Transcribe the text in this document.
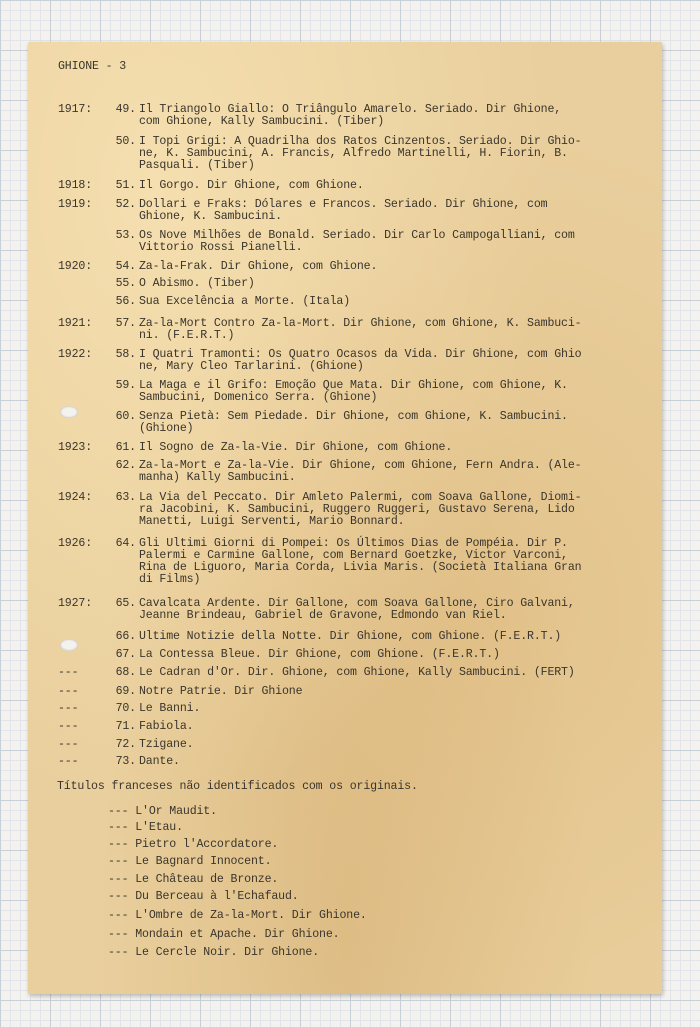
GHIONE - 3
1917:	49. Il Triangolo Giallo: O Triângulo Amarelo. Seriado. Dir Ghione,
com Ghione, Kally Sambucini. (Tiber)
50. I Topi Grigi: A Quadrilha dos Ratos Cinzentos. Seriado. Dir Ghio-
ne, K. Sambucini, A. Francis, Alfredo Martinelli, H. Fiorin, B.
Pasquali. (Tiber)
1918:	51. Il Gorgo. Dir Ghione, com Ghione.
1919:	52. Dollari e Fraks: Dólares e Francos. Seriado. Dir Ghione, com
Ghione, K. Sambucini.
53. Os Nove Milhões de Bonald. Seriado. Dir Carlo Campogalliani, com
Vittorio Rossi Pianelli.
1920:	54. Za-la-Frak. Dir Ghione, com Ghione.
55. O Abismo. (Tiber)
56. Sua Excelência a Morte. (Itala)
1921:	57. Za-la-Mort Contro Za-la-Mort. Dir Ghione, com Ghione, K. Sambuci-
ni. (F.E.R.T.)
1922:	58. I Quatri Tramonti: Os Quatro Ocasos da Vida. Dir Ghione, com Ghio
ne, Mary Cleo Tarlarini. (Ghione)
59. La Maga e il Grifo: Emoção Que Mata. Dir Ghione, com Ghione, K.
Sambucini, Domenico Serra. (Ghione)
60. Senza Pietà: Sem Piedade. Dir Ghione, com Ghione, K. Sambucini.
(Ghione)
1923:	61. Il Sogno de Za-la-Vie. Dir Ghione, com Ghione.
62. Za-la-Mort e Za-la-Vie. Dir Ghione, com Ghione, Fern Andra. (Ale-
manha) Kally Sambucini.
1924:	63. La Via del Peccato. Dir Amleto Palermi, com Soava Gallone, Diomi-
ra Jacobini, K. Sambucini, Ruggero Ruggeri, Gustavo Serena, Lido
Manetti, Luigi Serventi, Mario Bonnard.
1926:	64. Gli Ultimi Giorni di Pompei: Os Últimos Dias de Pompéia. Dir P.
Palermi e Carmine Gallone, com Bernard Goetzke, Victor Varconi,
Rina de Liguoro, Maria Corda, Livia Maris. (Società Italiana Gran
di Films)
1927:	65. Cavalcata Ardente. Dir Gallone, com Soava Gallone, Ciro Galvani,
Jeanne Brindeau, Gabriel de Gravone, Edmondo van Riel.
66. Ultime Notizie della Notte. Dir Ghione, com Ghione. (F.E.R.T.)
67. La Contessa Bleue. Dir Ghione, com Ghione. (F.E.R.T.)
---	68. Le Cadran d'Or. Dir. Ghione, com Ghione, Kally Sambucini. (FERT)
---	69. Notre Patrie. Dir Ghione
---	70. Le Banni.
---	71. Fabiola.
---	72. Tzigane.
---	73. Dante.
Títulos franceses não identificados com os originais.
--- L'Or Maudit.
--- L'Etau.
--- Pietro l'Accordatore.
--- Le Bagnard Innocent.
--- Le Château de Bronze.
--- Du Berceau à l'Echafaud.
--- L'Ombre de Za-la-Mort. Dir Ghione.
--- Mondain et Apache. Dir Ghione.
--- Le Cercle Noir. Dir Ghione.
